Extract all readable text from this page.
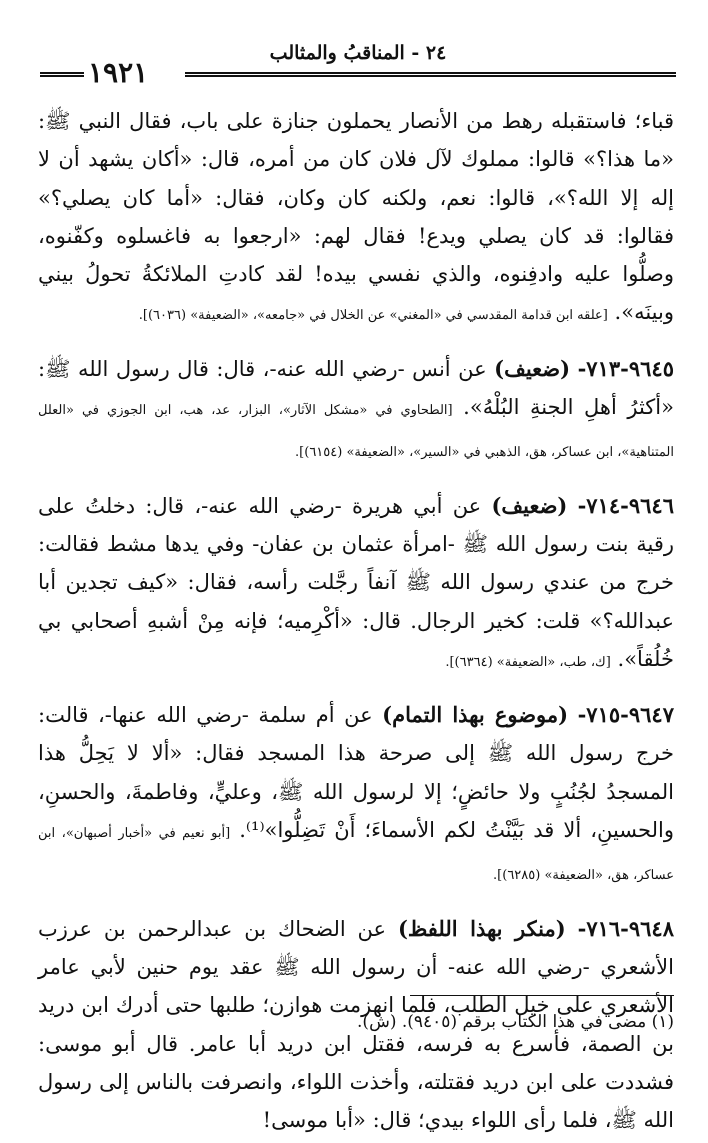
١٩٢١
٢٤ - المناقبُ والمثالب

قباء؛ فاستقبله رهط من الأنصار يحملون جنازة على باب، فقال النبي ﷺ: «ما هذا؟» قالوا: مملوك لآل فلان كان من أمره، قال: «أكان يشهد أن لا إله إلا الله؟»، قالوا: نعم، ولكنه كان وكان، فقال: «أما كان يصلي؟» فقالوا: قد كان يصلي ويدع! فقال لهم: «ارجعوا به فاغسلوه وكفّنوه، وصلُّوا عليه وادفِنوه، والذي نفسي بيده! لقد كادتِ الملائكةُ تحولُ بيني وبينَه». [علقه ابن قدامة المقدسي في «المغني» عن الخلال في «جامعه»، «الضعيفة» (٦٠٣٦)].

٩٦٤٥-٧١٣- (ضعيف) عن أنس -رضي الله عنه-، قال: قال رسول الله ﷺ: «أكثرُ أهلِ الجنةِ البُلْهُ». [الطحاوي في «مشكل الآثار»، البزار، عد، هب، ابن الجوزي في «العلل المتناهية»، ابن عساكر، هق، الذهبي في «السير»، «الضعيفة» (٦١٥٤)].

٩٦٤٦-٧١٤- (ضعيف) عن أبي هريرة -رضي الله عنه-، قال: دخلتُ على رقية بنت رسول الله ﷺ -امرأة عثمان بن عفان- وفي يدها مشط فقالت: خرج من عندي رسول الله ﷺ آنفاً رجَّلت رأسه، فقال: «كيف تجدين أبا عبدالله؟» قلت: كخير الرجال. قال: «أكْرِميه؛ فإنه مِنْ أشبهِ أصحابي بي خُلُقاً». [ك، طب، «الضعيفة» (٦٣٦٤)].

٩٦٤٧-٧١٥- (موضوع بهذا التمام) عن أم سلمة -رضي الله عنها-، قالت: خرج رسول الله ﷺ إلى صرحة هذا المسجد فقال: «ألا لا يَحِلُّ هذا المسجدُ لجُنُبٍ ولا حائضٍ؛ إلا لرسول الله ﷺ، وعليٍّ، وفاطمةَ، والحسنِ، والحسينِ، ألا قد بَيَّنْتُ لكم الأسماءَ؛ أَنْ تَضِلُّوا»⁽¹⁾. [أبو نعيم في «أخبار أصبهان»، ابن عساكر، هق، «الضعيفة» (٦٢٨٥)].

٩٦٤٨-٧١٦- (منكر بهذا اللفظ) عن الضحاك بن عبدالرحمن بن عرزب الأشعري -رضي الله عنه- أن رسول الله ﷺ عقد يوم حنين لأبي عامر الأشعري على خيل الطلب، فلما انهزمت هوازن؛ طلبها حتى أدرك ابن دريد بن الصمة، فأسرع به فرسه، فقتل ابن دريد أبا عامر. قال أبو موسى: فشددت على ابن دريد فقتلته، وأخذت اللواء، وانصرفت بالناس إلى رسول الله ﷺ، فلما رأى اللواء بيدي؛ قال: «أبا موسى!

(١) مضى في هذا الكتاب برقم (٩٤٠٥). (ش).
